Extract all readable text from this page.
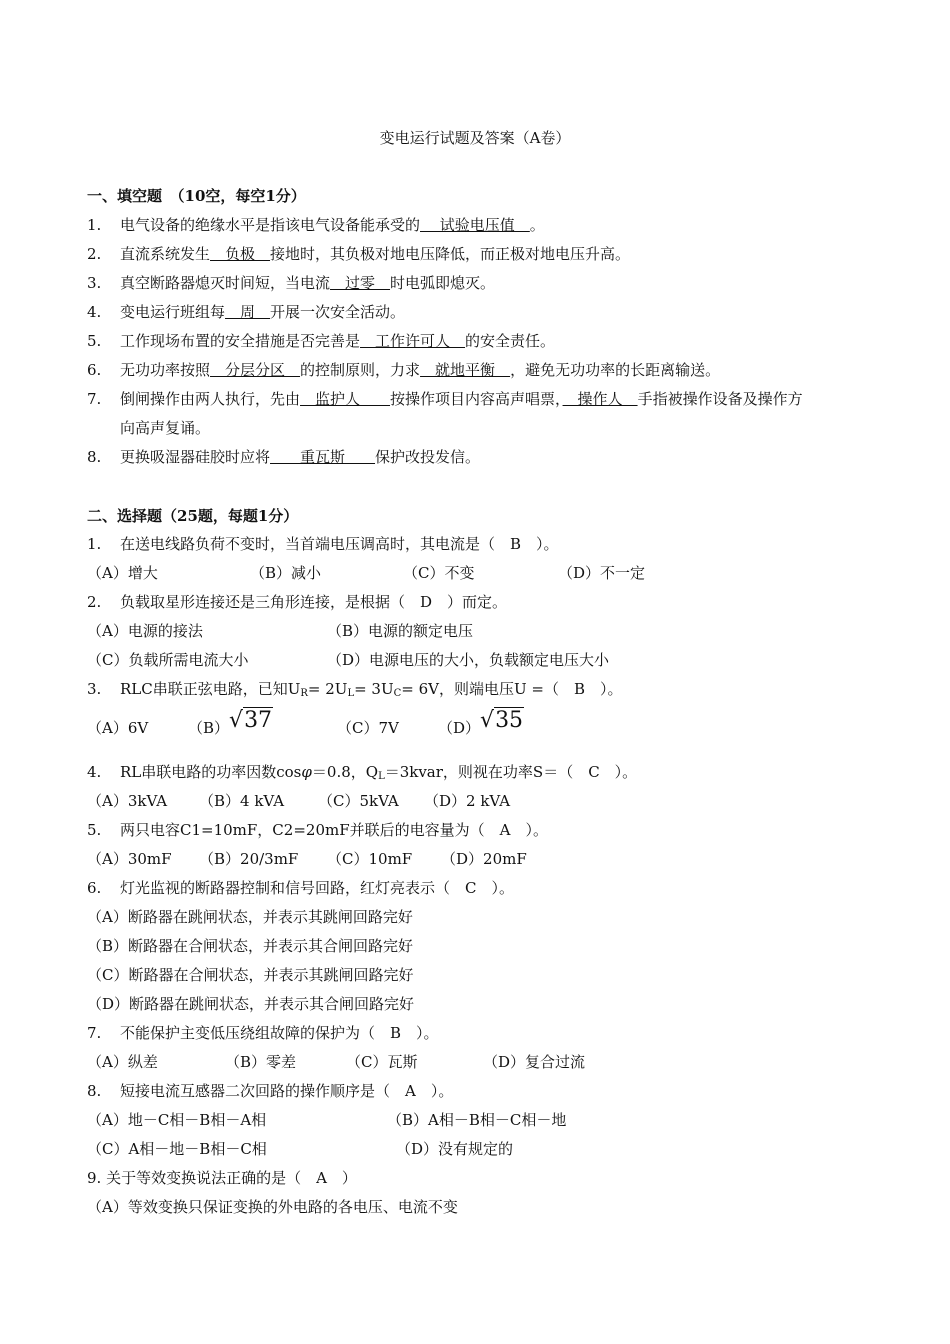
变电运行试题及答案（A卷）
一、填空题　（10空，每空1分）
1. 电气设备的绝缘水平是指该电气设备能承受的　 试验电压值　。
2. 直流系统发生　负极　接地时，其负极对地电压降低，而正极对地电压升高。
3. 真空断路器熄灭时间短，当电流　过零　时电弧即熄灭。
4. 变电运行班组每　周　开展一次安全活动。
5. 工作现场布置的安全措施是否完善是　工作许可人　的安全责任。
6. 无功功率按照　分层分区　的控制原则，力求　就地平衡　，避免无功功率的长距离输送。
7. 倒闸操作由两人执行，先由　监护人　　按操作项目内容高声唱票，　操作人　手指被操作设备及操作方
向高声复诵。
8. 更换吸湿器硅胶时应将　　重瓦斯　　保护改投发信。
二、选择题（25题，每题1分）
1. 在送电线路负荷不变时，当首端电压调高时，其电流是（　B　）。
（A）增大	（B）减小	（C）不变	（D）不一定
2. 负载取星形连接还是三角形连接，是根据（　D　）而定。
（A）电源的接法	（B）电源的额定电压
（C）负载所需电流大小	（D）电源电压的大小，负载额定电压大小
3. RLC串联正弦电路，已知$U_R= 2U_L= 3U_C= 6V$，则端电压U =（　B　）。
（A）6V	（B）√37	（C）7V	（D）√35
4. RL串联电路的功率因数cosφ＝0.8，$Q_L=3kvar$，则视在功率S＝（　C　）。
（A）3kVA （B）4 kVA （C）5kVA （D）2 kVA
5. 两只电容C1=10mF，C2=20mF并联后的电容量为（　A　）。
（A）30mF （B）20/3mF （C）10mF （D）20mF
6. 灯光监视的断路器控制和信号回路，红灯亮表示（　C　）。
（A）断路器在跳闸状态，并表示其跳闸回路完好
（B）断路器在合闸状态，并表示其合闸回路完好
（C）断路器在合闸状态，并表示其跳闸回路完好
（D）断路器在跳闸状态，并表示其合闸回路完好
7. 不能保护主变低压绕组故障的保护为（　B　）。
（A）纵差	（B）零差	（C）瓦斯	（D）复合过流
8. 短接电流互感器二次回路的操作顺序是（　A　）。
（A）地－C相－B相－A相	（B）A相－B相－C相－地
（C）A相－地－B相－C相	（D）没有规定的
9. 关于等效变换说法正确的是（　A　）
（A）等效变换只保证变换的外电路的各电压、电流不变
